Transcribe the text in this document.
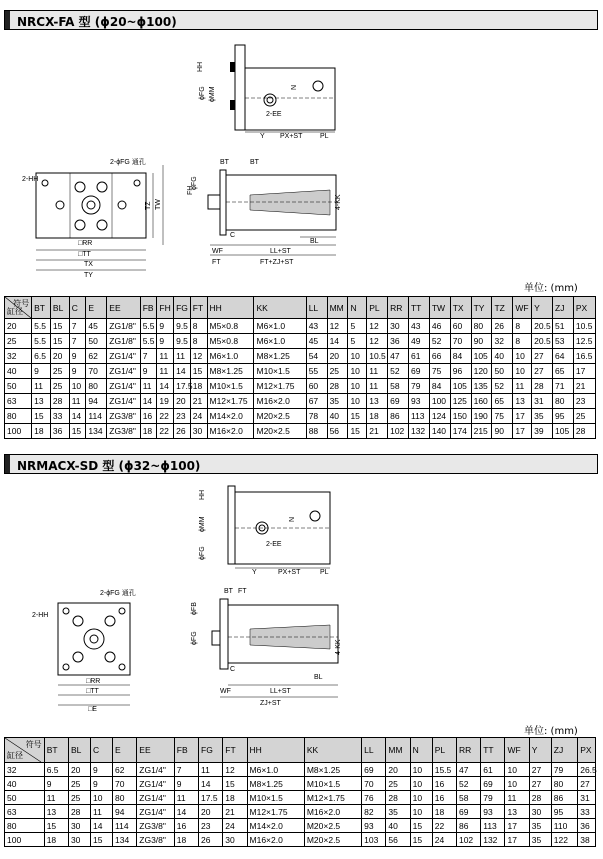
NRCX-FA 型 (ϕ20~ϕ100)
ϕFG ϕMM
HH
Y PX+ST	PL
2-EE
N
2-ϕFG 通孔
2-HH
□RR
□TT
TX
TY
TZ TW
BT	BT
ϕFG
FH
4-KK
C
BL
WF	LL+ST
FT	FT+ZJ+ST
单位: (mm)
符号
缸径	BT	BL	C	E	EE	FB	FH	FG	FT	HH	KK	LL	MM	N	PL	RR	TT	TW	TX	TY	TZ	WF	Y	ZJ	PX
20	5.5	15	7	45	ZG1/8"	5.5	9	9.5	8	M5×0.8	M6×1.0	43	12	5	12	30	43	46	60	80	26	8	20.5	51	10.5
25	5.5	15	7	50	ZG1/8"	5.5	9	9.5	8	M5×0.8	M6×1.0	45	14	5	12	36	49	52	70	90	32	8	20.5	53	12.5
32	6.5	20	9	62	ZG1/4"	7	11	11	12	M6×1.0	M8×1.25	54	20	10	10.5	47	61	66	84	105	40	10	27	64	16.5
40	9	25	9	70	ZG1/4"	9	11	14	15	M8×1.25	M10×1.5	55	25	10	11	52	69	75	96	120	50	10	27	65	17
50	11	25	10	80	ZG1/4"	11	14	17.5	18	M10×1.5	M12×1.75	60	28	10	11	58	79	84	105	135	52	11	28	71	21
63	13	28	11	94	ZG1/4"	14	19	20	21	M12×1.75	M16×2.0	67	35	10	13	69	93	100	125	160	65	13	31	80	23
80	15	33	14	114	ZG3/8"	16	22	23	24	M14×2.0	M20×2.5	78	40	15	18	86	113	124	150	190	75	17	35	95	25
100	18	36	15	134	ZG3/8"	18	22	26	30	M16×2.0	M20×2.5	88	56	15	21	102	132	140	174	215	90	17	39	105	28
NRMACX-SD 型 (ϕ32~ϕ100)
HH
ϕMM
ϕFG
Y	PX+ST	PL
2-EE
N
2-ϕFG 通孔
2-HH
□RR
□TT
□E
BT FT
ϕFB
ϕFG
4-KK
C
BL
WF	LL+ST
ZJ+ST
单位: (mm)
符号
缸径	BT	BL	C	E	EE	FB	FG	FT	HH	KK	LL	MM	N	PL	RR	TT	WF	Y	ZJ	PX
32	6.5	20	9	62	ZG1/4"	7	11	12	M6×1.0	M8×1.25	69	20	10	15.5	47	61	10	27	79	26.5
40	9	25	9	70	ZG1/4"	9	14	15	M8×1.25	M10×1.5	70	25	10	16	52	69	10	27	80	27
50	11	25	10	80	ZG1/4"	11	17.5	18	M10×1.5	M12×1.75	76	28	10	16	58	79	11	28	86	31
63	13	28	11	94	ZG1/4"	14	20	21	M12×1.75	M16×2.0	82	35	10	18	69	93	13	30	95	33
80	15	30	14	114	ZG3/8"	16	23	24	M14×2.0	M20×2.5	93	40	15	22	86	113	17	35	110	36
100	18	30	15	134	ZG3/8"	18	26	30	M16×2.0	M20×2.5	103	56	15	24	102	132	17	35	122	38
